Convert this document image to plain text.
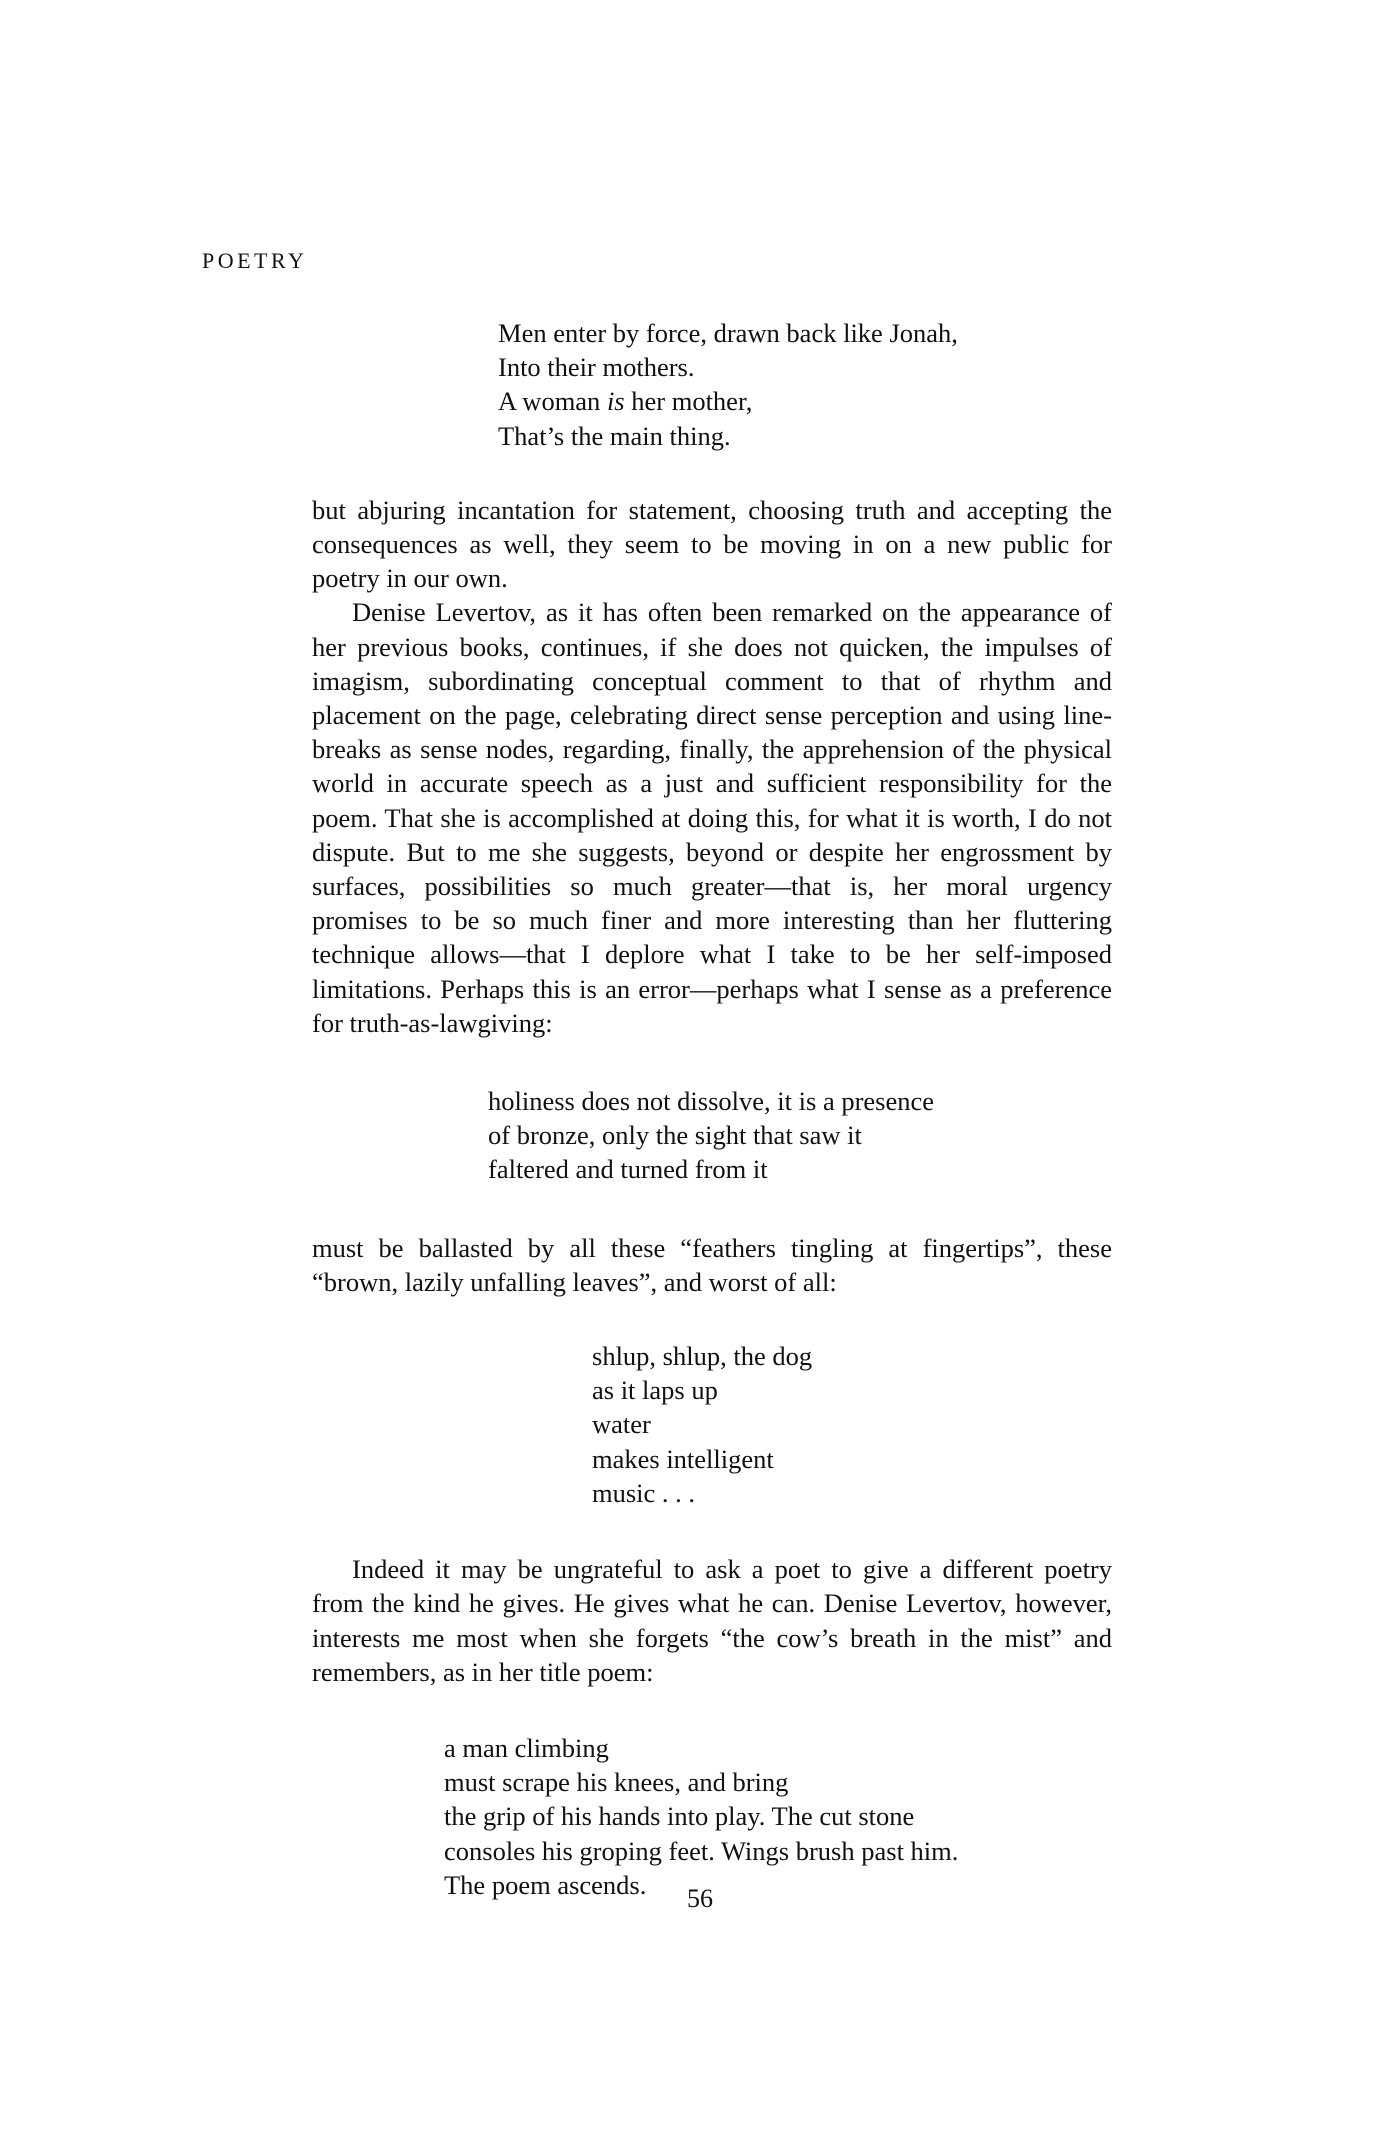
POETRY

Men enter by force, drawn back like Jonah,
Into their mothers.
A woman is her mother,
That’s the main thing.

but abjuring incantation for statement, choosing truth and accepting the consequences as well, they seem to be moving in on a new public for poetry in our own.

Denise Levertov, as it has often been remarked on the appearance of her previous books, continues, if she does not quicken, the impulses of imagism, subordinating conceptual comment to that of rhythm and placement on the page, celebrating direct sense perception and using line-breaks as sense nodes, regarding, finally, the apprehension of the physical world in accurate speech as a just and sufficient responsibility for the poem. That she is accomplished at doing this, for what it is worth, I do not dispute. But to me she suggests, beyond or despite her engrossment by surfaces, possibilities so much greater—that is, her moral urgency promises to be so much finer and more interesting than her fluttering technique allows—that I deplore what I take to be her self-imposed limitations. Perhaps this is an error—perhaps what I sense as a preference for truth-as-lawgiving:

holiness does not dissolve, it is a presence
of bronze, only the sight that saw it
faltered and turned from it

must be ballasted by all these “feathers tingling at fingertips”, these “brown, lazily unfalling leaves”, and worst of all:

shlup, shlup, the dog
as it laps up
water
makes intelligent
music . . .

Indeed it may be ungrateful to ask a poet to give a different poetry from the kind he gives. He gives what he can. Denise Levertov, however, interests me most when she forgets “the cow’s breath in the mist” and remembers, as in her title poem:

a man climbing
must scrape his knees, and bring
the grip of his hands into play. The cut stone
consoles his groping feet. Wings brush past him.
The poem ascends.	56
